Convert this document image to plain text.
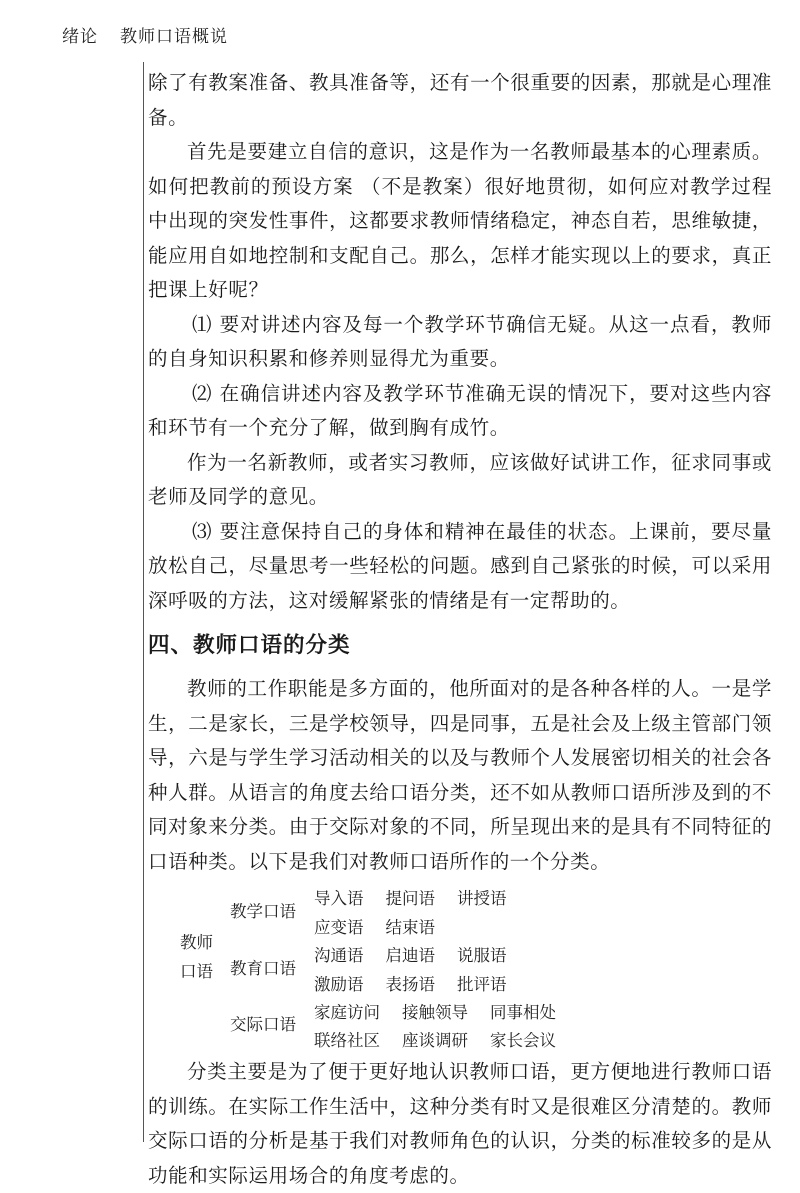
绪论 教师口语概说

除了有教案准备、教具准备等，还有一个很重要的因素，那就是心理准备。

首先是要建立自信的意识，这是作为一名教师最基本的心理素质。如何把教前的预设方案 （不是教案）很好地贯彻，如何应对教学过程中出现的突发性事件，这都要求教师情绪稳定，神态自若，思维敏捷，能应用自如地控制和支配自己。那么，怎样才能实现以上的要求，真正把课上好呢？

⑴ 要对讲述内容及每一个教学环节确信无疑。从这一点看，教师的自身知识积累和修养则显得尤为重要。

⑵ 在确信讲述内容及教学环节准确无误的情况下，要对这些内容和环节有一个充分了解，做到胸有成竹。

作为一名新教师，或者实习教师，应该做好试讲工作，征求同事或老师及同学的意见。

⑶ 要注意保持自己的身体和精神在最佳的状态。上课前，要尽量放松自己，尽量思考一些轻松的问题。感到自己紧张的时候，可以采用深呼吸的方法，这对缓解紧张的情绪是有一定帮助的。

四、教师口语的分类

教师的工作职能是多方面的，他所面对的是各种各样的人。一是学生，二是家长，三是学校领导，四是同事，五是社会及上级主管部门领导，六是与学生学习活动相关的以及与教师个人发展密切相关的社会各种人群。从语言的角度去给口语分类，还不如从教师口语所涉及到的不同对象来分类。由于交际对象的不同，所呈现出来的是具有不同特征的口语种类。以下是我们对教师口语所作的一个分类。

教师口语
教学口语
导入语 提问语 讲授语
应变语 结束语
教育口语
沟通语 启迪语 说服语
激励语 表扬语 批评语
交际口语
家庭访问 接触领导 同事相处
联络社区 座谈调研 家长会议

分类主要是为了便于更好地认识教师口语，更方便地进行教师口语的训练。在实际工作生活中，这种分类有时又是很难区分清楚的。教师交际口语的分析是基于我们对教师角色的认识，分类的标准较多的是从功能和实际运用场合的角度考虑的。
